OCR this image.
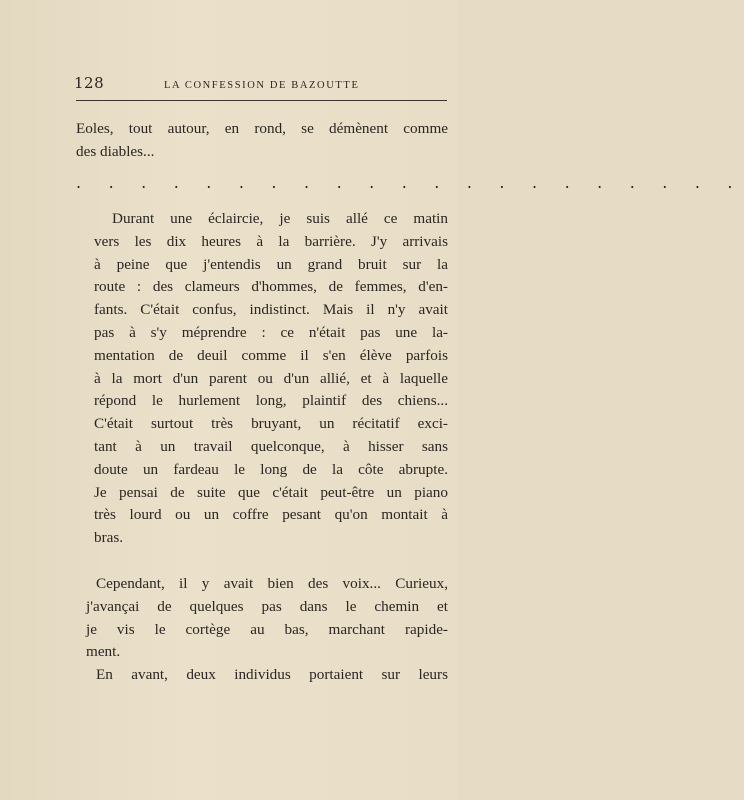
128	LA CONFESSION DE BAZOUTTE
Eoles, tout autour, en rond, se démènent comme
des diables...
. . . . . . . . . . . . . . . . . . . . .
Durant une éclaircie, je suis allé ce matin
vers les dix heures à la barrière. J'y arrivais
à peine que j'entendis un grand bruit sur la
route : des clameurs d'hommes, de femmes, d'en-
fants. C'était confus, indistinct. Mais il n'y avait
pas à s'y méprendre : ce n'était pas une la-
mentation de deuil comme il s'en élève parfois
à la mort d'un parent ou d'un allié, et à laquelle
répond le hurlement long, plaintif des chiens...
C'était surtout très bruyant, un récitatif exci-
tant à un travail quelconque, à hisser sans
doute un fardeau le long de la côte abrupte.
Je pensai de suite que c'était peut-être un piano
très lourd ou un coffre pesant qu'on montait à
bras.
Cependant, il y avait bien des voix... Curieux,
j'avançai de quelques pas dans le chemin et
je vis le cortège au bas, marchant rapide-
ment.
En avant, deux individus portaient sur leurs
